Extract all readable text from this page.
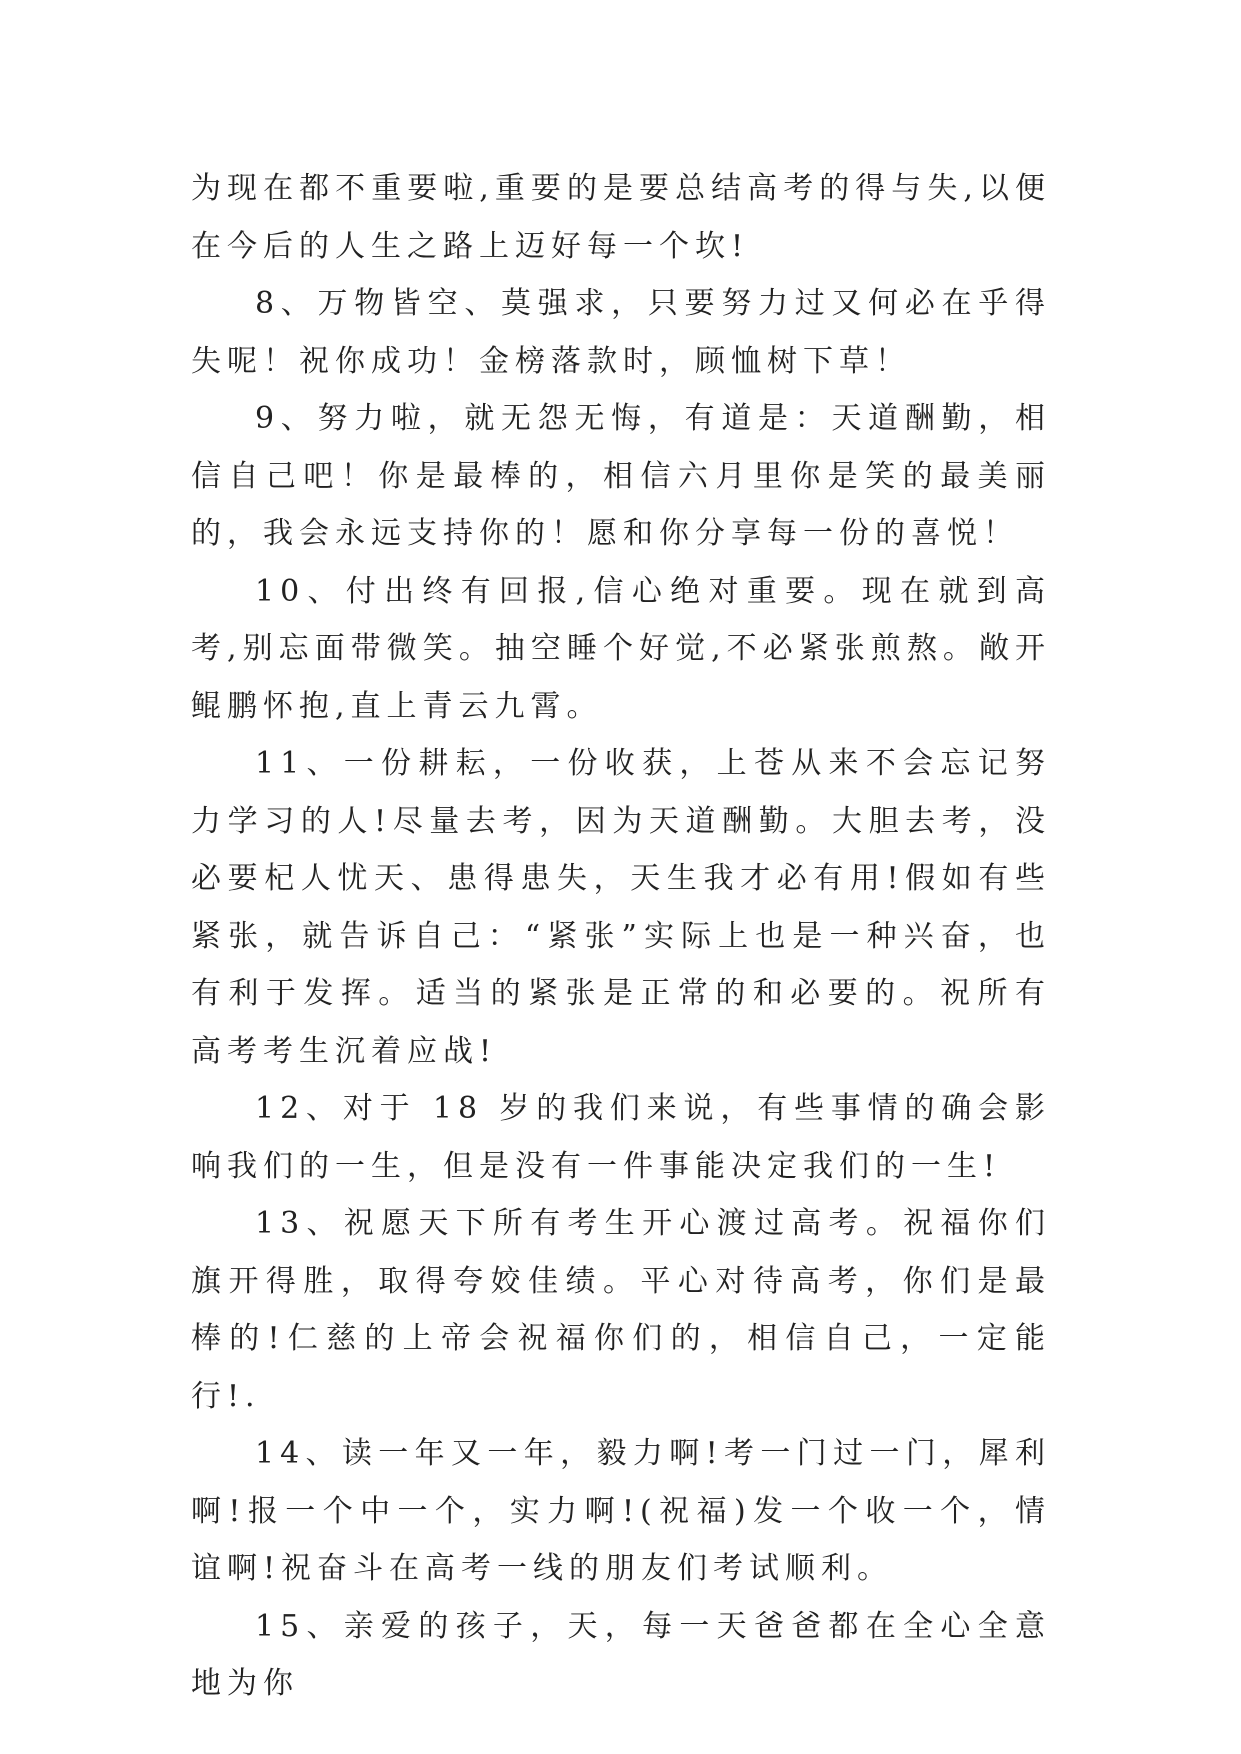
为现在都不重要啦,重要的是要总结高考的得与失,以便在今后的人生之路上迈好每一个坎!

8、万物皆空、莫强求，只要努力过又何必在乎得失呢！祝你成功！金榜落款时，顾恤树下草！

9、努力啦，就无怨无悔，有道是：天道酬勤，相信自己吧！你是最棒的，相信六月里你是笑的最美丽的，我会永远支持你的！愿和你分享每一份的喜悦！

10、付出终有回报,信心绝对重要。现在就到高考,别忘面带微笑。抽空睡个好觉,不必紧张煎熬。敞开鲲鹏怀抱,直上青云九霄。

11、一份耕耘，一份收获，上苍从来不会忘记努力学习的人!尽量去考，因为天道酬勤。大胆去考，没必要杞人忧天、患得患失，天生我才必有用!假如有些紧张，就告诉自己：“紧张”实际上也是一种兴奋，也有利于发挥。适当的紧张是正常的和必要的。祝所有高考考生沉着应战!

12、对于 18 岁的我们来说，有些事情的确会影响我们的一生，但是没有一件事能决定我们的一生!

13、祝愿天下所有考生开心渡过高考。祝福你们旗开得胜，取得夸姣佳绩。平心对待高考，你们是最棒的!仁慈的上帝会祝福你们的，相信自己，一定能行!.

14、读一年又一年，毅力啊!考一门过一门，犀利啊!报一个中一个，实力啊!(祝福)发一个收一个，情谊啊!祝奋斗在高考一线的朋友们考试顺利。

15、亲爱的孩子，天，每一天爸爸都在全心全意地为你
